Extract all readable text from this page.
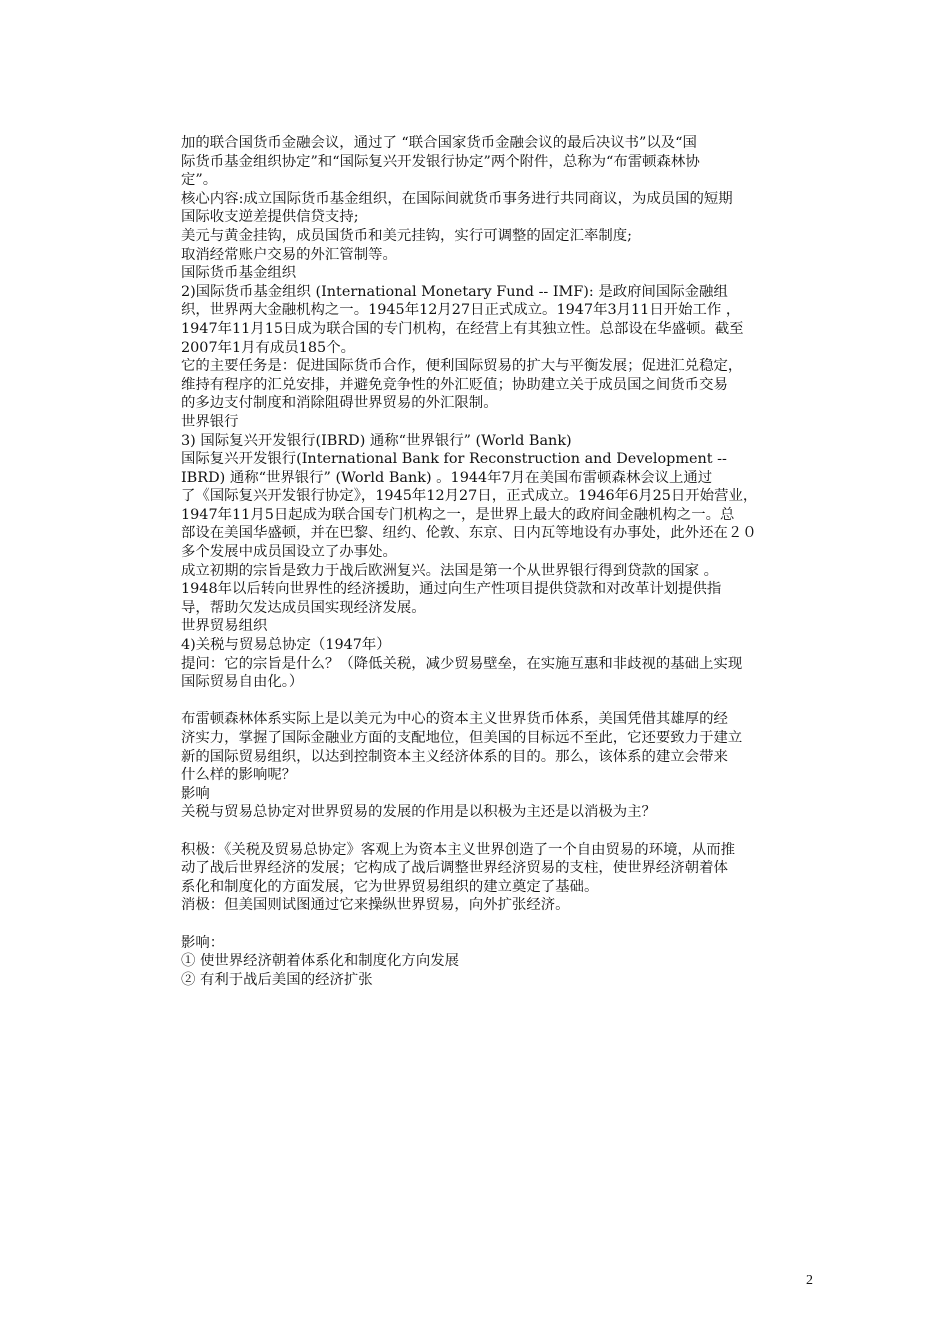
加的联合国货币金融会议，通过了 “联合国家货币金融会议的最后决议书”以及“国
际货币基金组织协定”和“国际复兴开发银行协定”两个附件，总称为“布雷顿森林协
定”。
核心内容:成立国际货币基金组织，在国际间就货币事务进行共同商议，为成员国的短期
国际收支逆差提供信贷支持;
美元与黄金挂钩，成员国货币和美元挂钩，实行可调整的固定汇率制度;
取消经常账户交易的外汇管制等。
国际货币基金组织
2)国际货币基金组织 (International Monetary Fund -- IMF): 是政府间国际金融组
织，世界两大金融机构之一。1945年12月27日正式成立。1947年3月11日开始工作 ，
1947年11月15日成为联合国的专门机构，在经营上有其独立性。总部设在华盛顿。截至
2007年1月有成员185个。
它的主要任务是：促进国际货币合作，便利国际贸易的扩大与平衡发展；促进汇兑稳定，
维持有程序的汇兑安排，并避免竞争性的外汇贬值；协助建立关于成员国之间货币交易
的多边支付制度和消除阻碍世界贸易的外汇限制。
世界银行
3) 国际复兴开发银行(IBRD) 通称“世界银行” (World Bank)
国际复兴开发银行(International Bank for Reconstruction and Development --
IBRD) 通称“世界银行” (World Bank) 。1944年7月在美国布雷顿森林会议上通过
了《国际复兴开发银行协定》，1945年12月27日，正式成立。1946年6月25日开始营业，
1947年11月5日起成为联合国专门机构之一，是世界上最大的政府间金融机构之一。总
部设在美国华盛顿，并在巴黎、纽约、伦敦、东京、日内瓦等地设有办事处，此外还在２０
多个发展中成员国设立了办事处。
成立初期的宗旨是致力于战后欧洲复兴。法国是第一个从世界银行得到贷款的国家 。
1948年以后转向世界性的经济援助，通过向生产性项目提供贷款和对改革计划提供指
导，帮助欠发达成员国实现经济发展。
世界贸易组织
4)关税与贸易总协定（1947年）
提问：它的宗旨是什么？（降低关税，减少贸易壁垒，在实施互惠和非歧视的基础上实现
国际贸易自由化。）
布雷顿森林体系实际上是以美元为中心的资本主义世界货币体系，美国凭借其雄厚的经
济实力，掌握了国际金融业方面的支配地位，但美国的目标远不至此，它还要致力于建立
新的国际贸易组织，以达到控制资本主义经济体系的目的。那么，该体系的建立会带来
什么样的影响呢？
影响
关税与贸易总协定对世界贸易的发展的作用是以积极为主还是以消极为主？
积极：《关税及贸易总协定》客观上为资本主义世界创造了一个自由贸易的环境，从而推
动了战后世界经济的发展；它构成了战后调整世界经济贸易的支柱，使世界经济朝着体
系化和制度化的方面发展，它为世界贸易组织的建立奠定了基础。
消极：但美国则试图通过它来操纵世界贸易，向外扩张经济。
影响：
① 使世界经济朝着体系化和制度化方向发展
② 有利于战后美国的经济扩张
2
